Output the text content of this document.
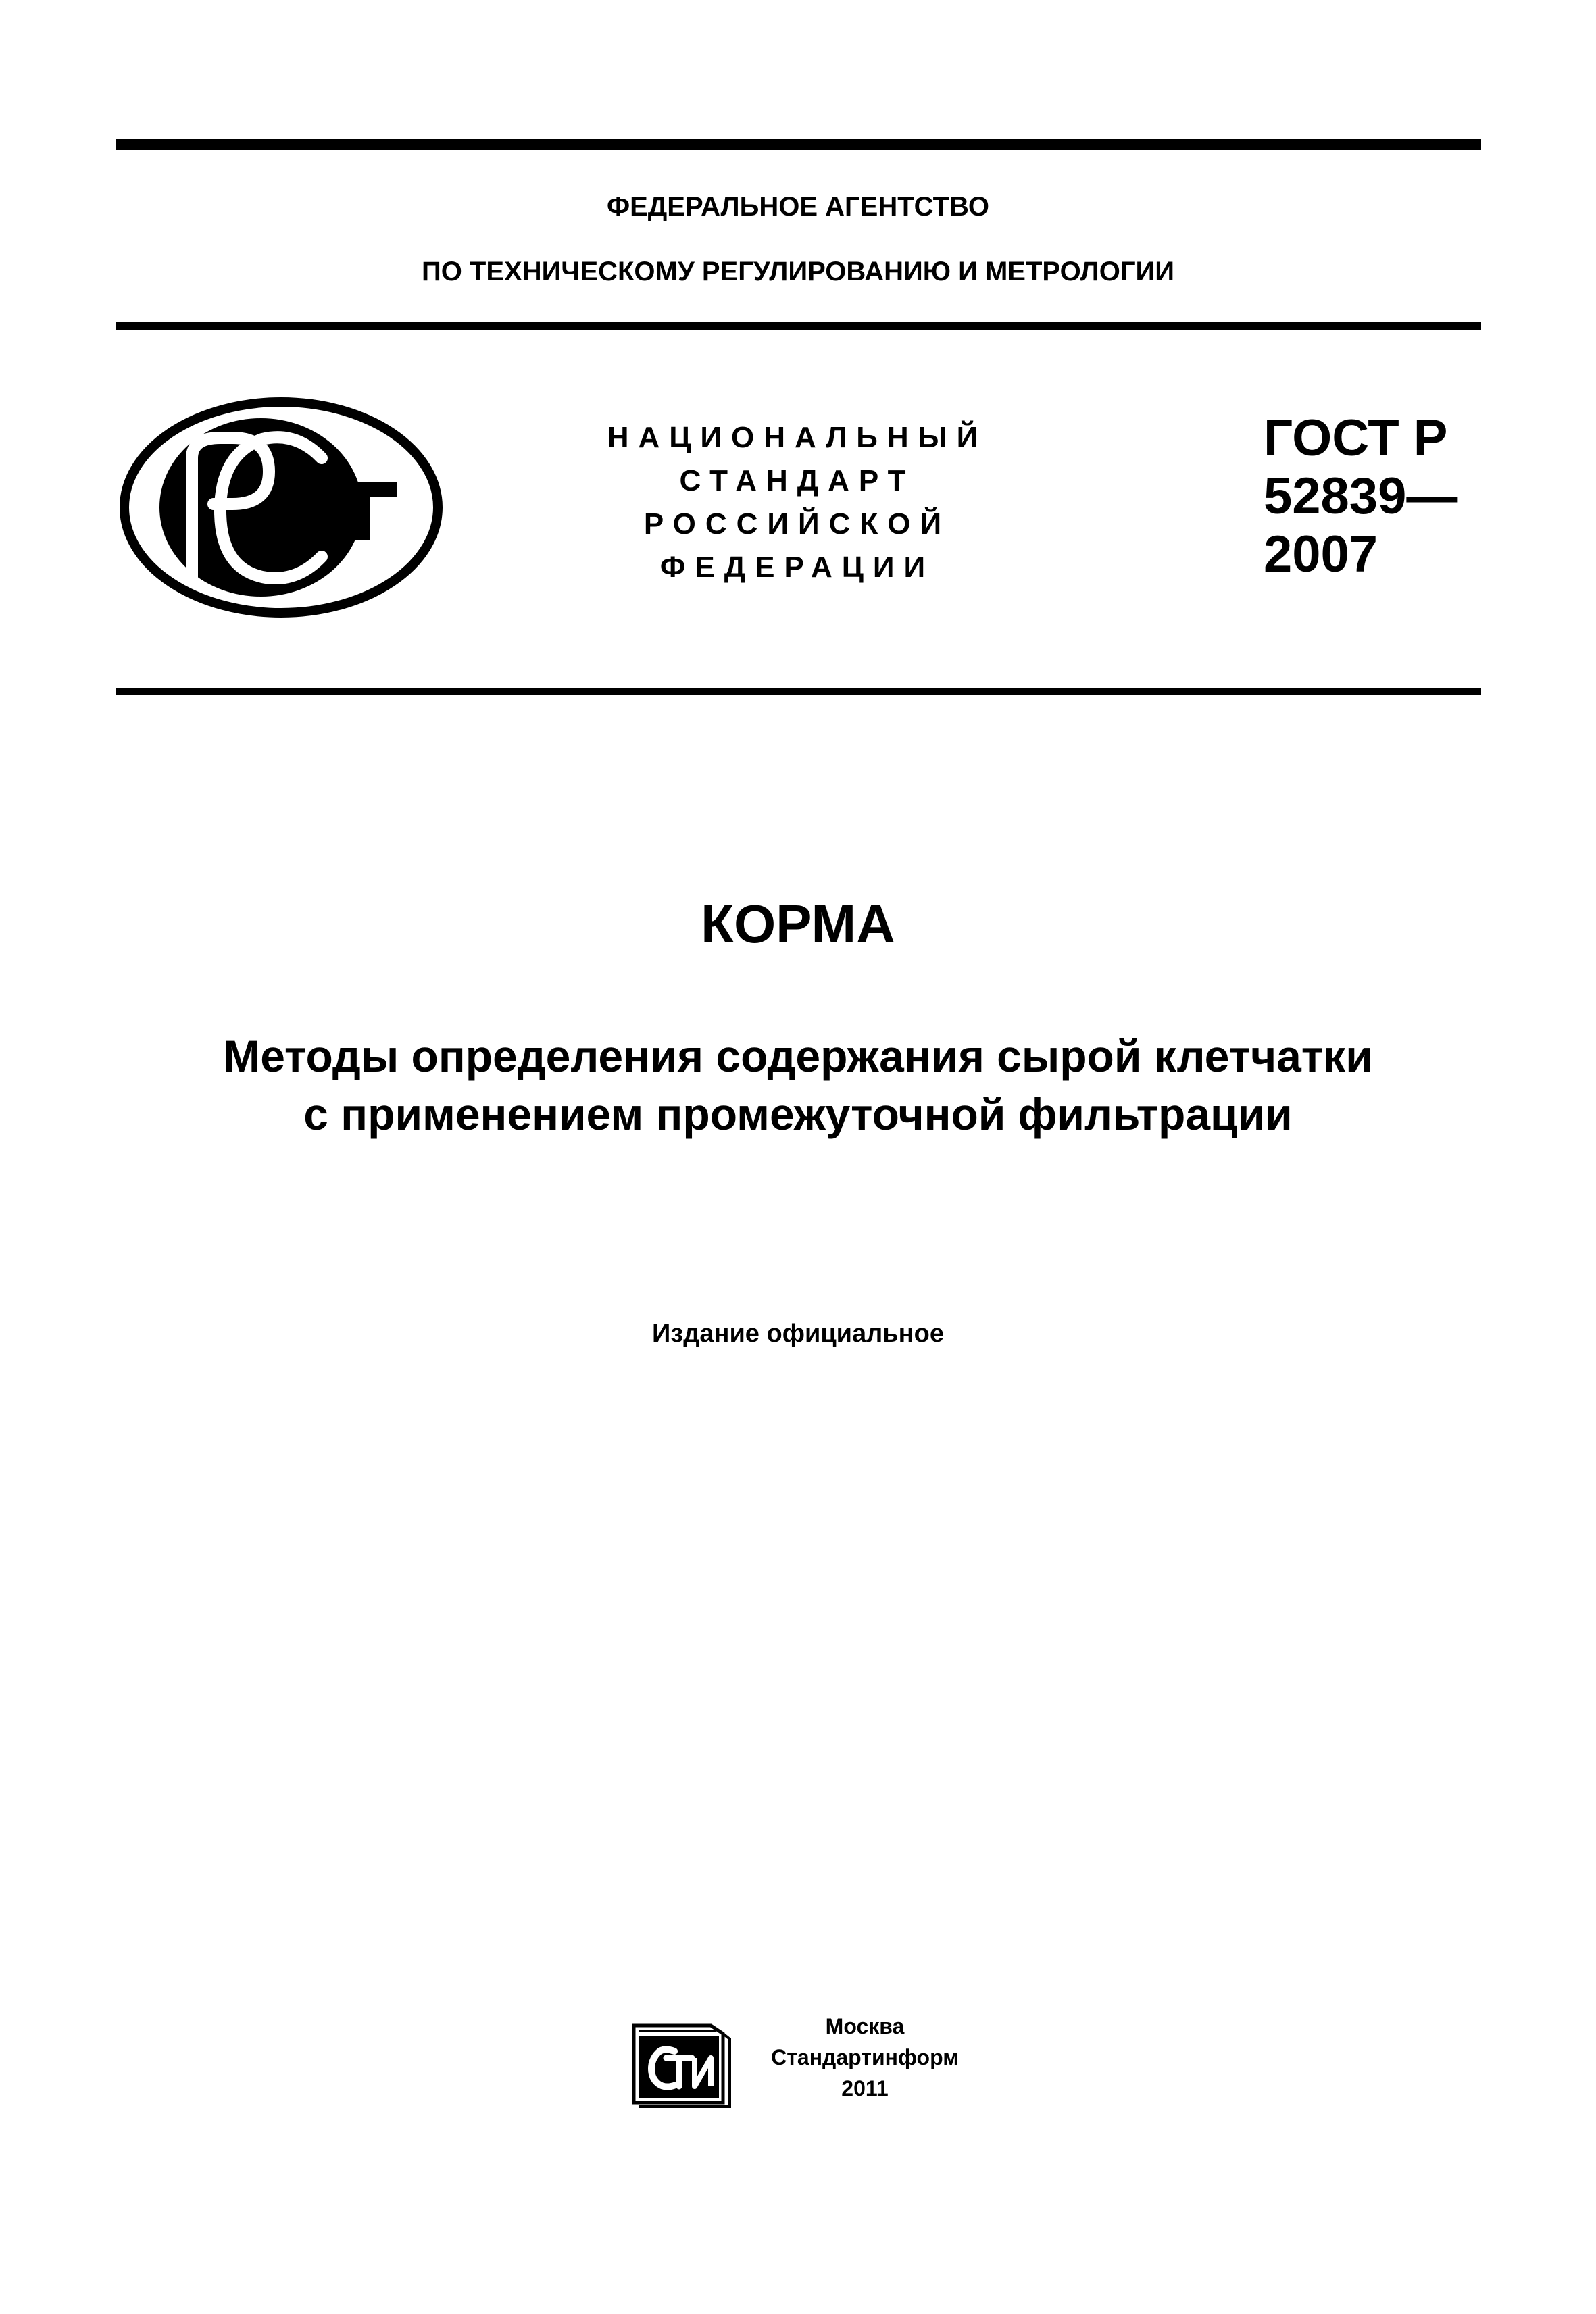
ФЕДЕРАЛЬНОЕ АГЕНТСТВО
ПО ТЕХНИЧЕСКОМУ РЕГУЛИРОВАНИЮ И МЕТРОЛОГИИ
НАЦИОНАЛЬНЫЙ
СТАНДАРТ
РОССИЙСКОЙ
ФЕДЕРАЦИИ
ГОСТ Р
52839—
2007
КОРМА
Методы определения содержания сырой клетчатки
с применением промежуточной фильтрации
Издание официальное
Москва
Стандартинформ
2011
